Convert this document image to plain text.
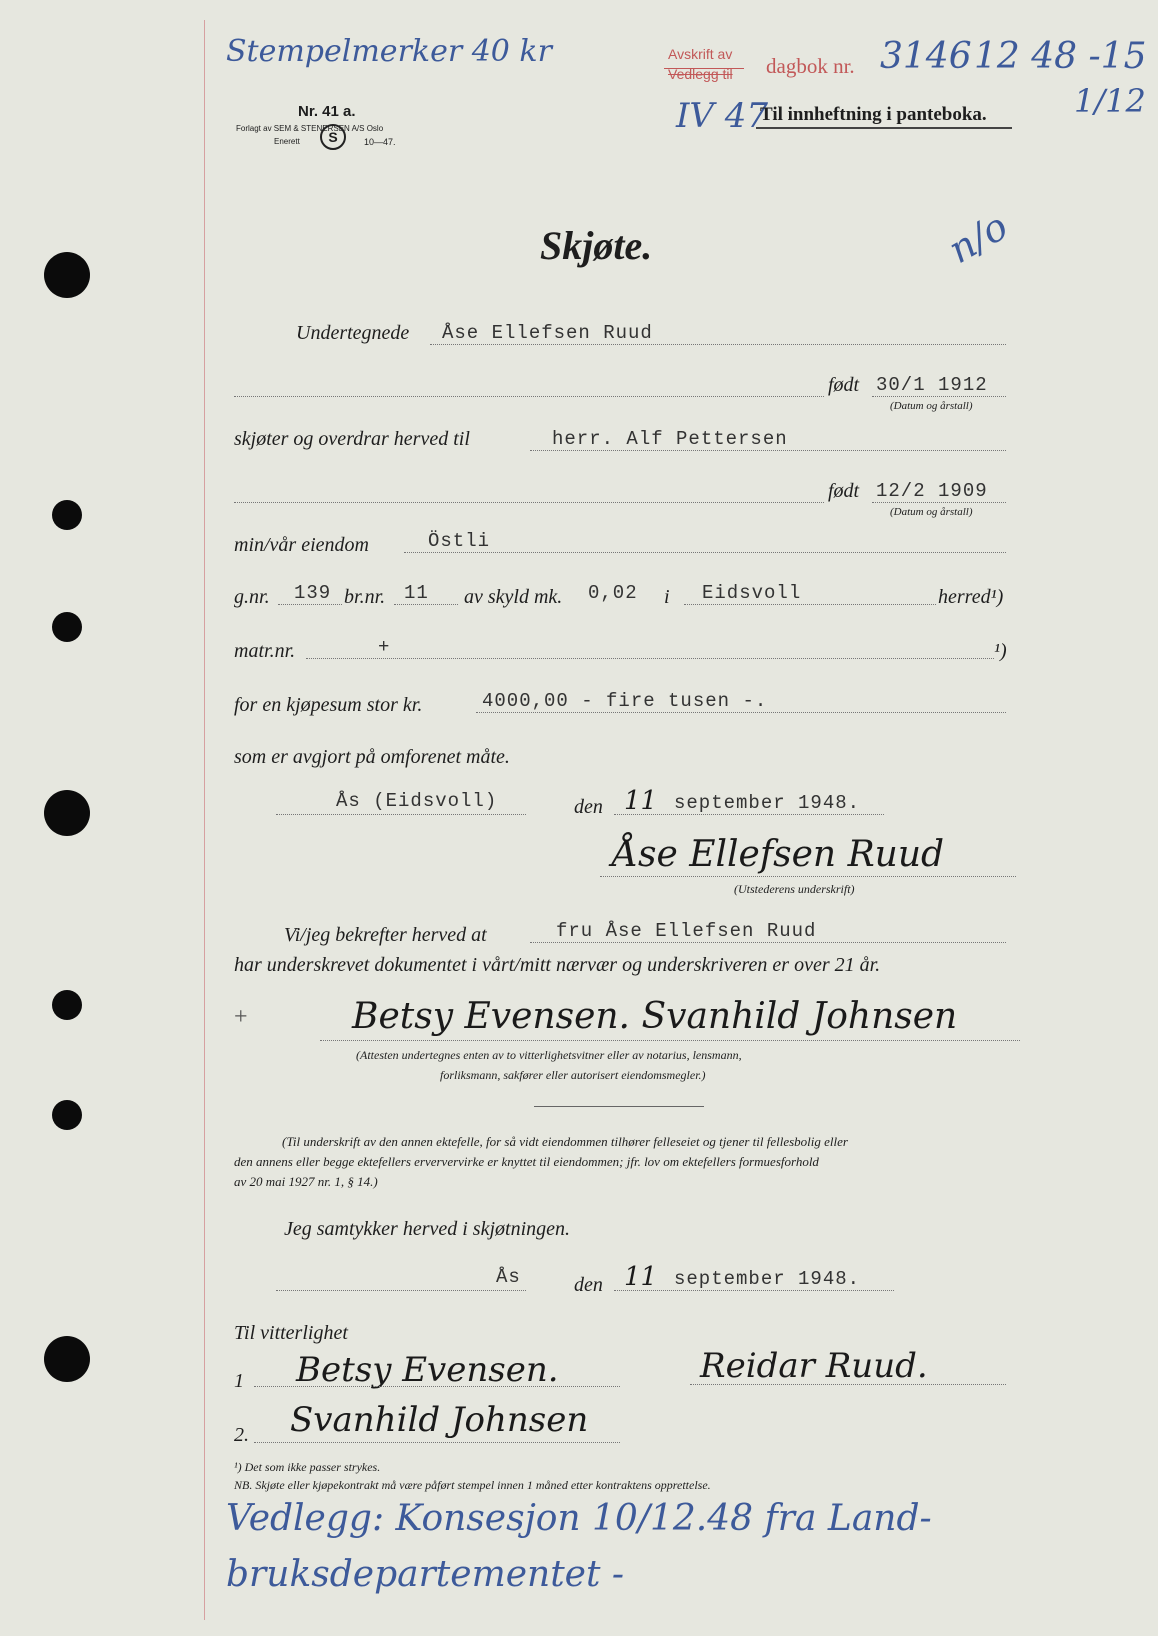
Stempelmerker 40 kr	Avskrift av
Vedlegg til dagbok nr. 3146 12 48 -15
1/12
IV 47
Nr. 41 a.
Forlagt av SEM & STENERSEN A/S Oslo
Enerett	S	10—47.
Til innheftning i panteboka.
Skjøte.	n/o
Undertegnede Åse Ellefsen Ruud
født 30/1 1912
(Datum og årstall)
skjøter og overdrar herved til	herr. Alf Pettersen
født 12/2 1909
(Datum og årstall)
min/vår eiendom	Östli
g.nr. 139 br.nr. 11 av skyld mk. 0,02 i Eidsvoll	herred¹)
matr.nr.	+	¹)
for en kjøpesum stor kr.	4000,00 - fire tusen -.
som er avgjort på omforenet måte.
Ås (Eidsvoll)	den 11 september 1948.
Åse Ellefsen Ruud
(Utstederens underskrift)
Vi/jeg bekrefter herved at	fru Åse Ellefsen Ruud
har underskrevet dokumentet i vårt/mitt nærvær og underskriveren er over 21 år.
+	Betsy Evensen. Svanhild Johnsen
(Attesten undertegnes enten av to vitterlighetsvitner eller av notarius, lensmann,
forliksmann, sakfører eller autorisert eiendomsmegler.)
(Til underskrift av den annen ektefelle, for så vidt eiendommen tilhører felleseiet og tjener til fellesbolig eller
den annens eller begge ektefellers erververvirke er knyttet til eiendommen; jfr. lov om ektefellers formuesforhold
av 20 mai 1927 nr. 1, § 14.)
Jeg samtykker herved i skjøtningen.
Ås	den 11 september 1948.
Til vitterlighet
1 Betsy Evensen.	Reidar Ruud.
2. Svanhild Johnsen
¹) Det som ikke passer strykes.
NB. Skjøte eller kjøpekontrakt må være påført stempel innen 1 måned etter kontraktens opprettelse.
Vedlegg: Konsesjon 10/12.48 fra Land-
bruksdepartementet -
